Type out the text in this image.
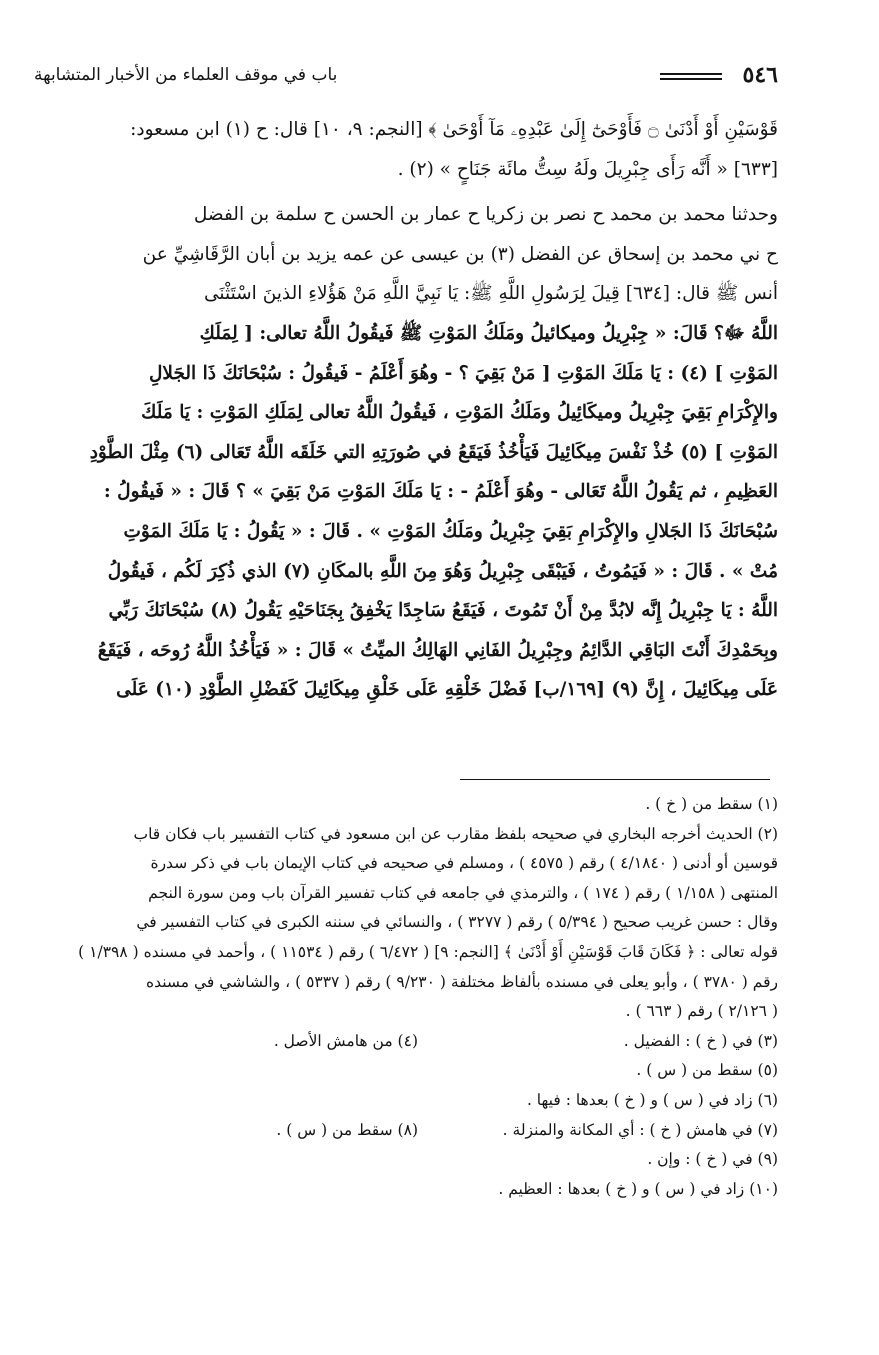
٥٤٦
باب في موقف العلماء من الأخبار المتشابهة
قَوْسَيْنِ أَوْ أَدْنَىٰ ۝ فَأَوْحَىٰٓ إِلَىٰ عَبْدِهِۦ مَآ أَوْحَىٰ ﴾ [النجم: ٩، ١٠] قال: ح (١) ابن مسعود:
[٦٣٣] « أَنَّه رَأَى جِبْرِيلَ ولَهُ سِتُّ مائَة جَنَاحٍ » (٢) .
وحدثنا محمد بن محمد ح نصر بن زكريا ح عمار بن الحسن ح سلمة بن الفضل
ح ني محمد بن إسحاق عن الفضل (٣) بن عيسى عن عمه يزيد بن أبان الرَّقَاشِيِّ عن
أنس ﷺ قال: [٦٣٤] قِيلَ لِرَسُولِ اللَّهِ ﷺ: يَا نَبِيَّ اللَّهِ مَنْ هَؤُلاءِ الذينَ اسْتَثْنَى
اللَّهُ ﷻ؟ قَالَ: « جِبْرِيلُ وميكائيلُ ومَلَكُ المَوْتِ ﷺ فَيقُولُ اللَّهُ تعالى: [ لِمَلَكِ
المَوْتِ ] (٤) : يَا مَلَكَ المَوْتِ [ مَنْ بَقِيَ ؟ - وهُوَ أَعْلَمُ - فَيقُولُ : سُبْحَانَكَ ذَا الجَلالِ
والإِكْرَامِ بَقِيَ جِبْرِيلُ وميكَائِيلُ ومَلَكُ المَوْتِ ، فَيقُولُ اللَّهُ تعالى لِمَلَكِ المَوْتِ : يَا مَلَكَ
المَوْتِ ] (٥) خُذْ نَفْسَ مِيكَائِيلَ فَيَأْخُذُ فَيَقَعُ في صُورَتِهِ التي خَلَقَه اللَّهُ تَعَالى (٦) مِثْلَ الطَّوْدِ
العَظِيمِ ، ثم يَقُولُ اللَّهُ تَعَالى - وهُوَ أَعْلَمُ - : يَا مَلَكَ المَوْتِ مَنْ بَقِيَ » ؟ قَالَ : « فَيقُولُ :
سُبْحَانَكَ ذَا الجَلالِ والإِكْرَامِ بَقِيَ جِبْرِيلُ ومَلَكُ المَوْتِ » . قَالَ : « يَقُولُ : يَا مَلَكَ المَوْتِ
مُتْ » . قَالَ : « فَيَمُوتُ ، فَيَبْقَى جِبْرِيلُ وَهُوَ مِنَ اللَّهِ بالمكَانِ (٧) الذي ذُكِرَ لَكُم ، فَيقُولُ
اللَّهُ : يَا جِبْرِيلُ إِنَّه لابُدَّ مِنْ أَنْ تَمُوتَ ، فَيَقَعُ سَاجِدًا يَخْفِقُ بِجَنَاحَيْهِ يَقُولُ (٨) سُبْحَانَكَ رَبِّي
وبِحَمْدِكَ أَنْتَ البَاقِي الدَّائِمُ وجِبْرِيلُ الفَانِي الهَالِكُ الميِّتُ » قَالَ : « فَيَأْخُذُ اللَّهُ رُوحَه ، فَيَقَعُ
عَلَى مِيكَائِيلَ ، إِنَّ (٩) [١٦٩/ب] فَضْلَ خَلْقِهِ عَلَى خَلْقِ مِيكَائِيلَ كَفَضْلِ الطَّوْدِ (١٠) عَلَى
(١) سقط من ( خ ) .
(٢) الحديث أخرجه البخاري في صحيحه بلفظ مقارب عن ابن مسعود في كتاب التفسير باب فكان قاب
قوسين أو أدنى ( ٤/١٨٤٠ ) رقم ( ٤٥٧٥ ) ، ومسلم في صحيحه في كتاب الإيمان باب في ذكر سدرة
المنتهى ( ١/١٥٨ ) رقم ( ١٧٤ ) ، والترمذي في جامعه في كتاب تفسير القرآن باب ومن سورة النجم
وقال : حسن غريب صحيح ( ٥/٣٩٤ ) رقم ( ٣٢٧٧ ) ، والنسائي في سننه الكبرى في كتاب التفسير في
قوله تعالى : ﴿ فَكَانَ قَابَ قَوْسَيْنِ أَوْ أَدْنَىٰ ﴾ [النجم: ٩] ( ٦/٤٧٢ ) رقم ( ١١٥٣٤ ) ، وأحمد في مسنده ( ١/٣٩٨ )
رقم ( ٣٧٨٠ ) ، وأبو يعلى في مسنده بألفاظ مختلفة ( ٩/٢٣٠ ) رقم ( ٥٣٣٧ ) ، والشاشي في مسنده
( ٢/١٢٦ ) رقم ( ٦٦٣ ) .
(٣) في ( خ ) : الفضيل .
(٤) من هامش الأصل .
(٥) سقط من ( س ) .
(٦) زاد في ( س ) و ( خ ) بعدها : فيها .
(٧) في هامش ( خ ) : أي المكانة والمنزلة .
(٨) سقط من ( س ) .
(٩) في ( خ ) : وإن .
(١٠) زاد في ( س ) و ( خ ) بعدها : العظيم .
